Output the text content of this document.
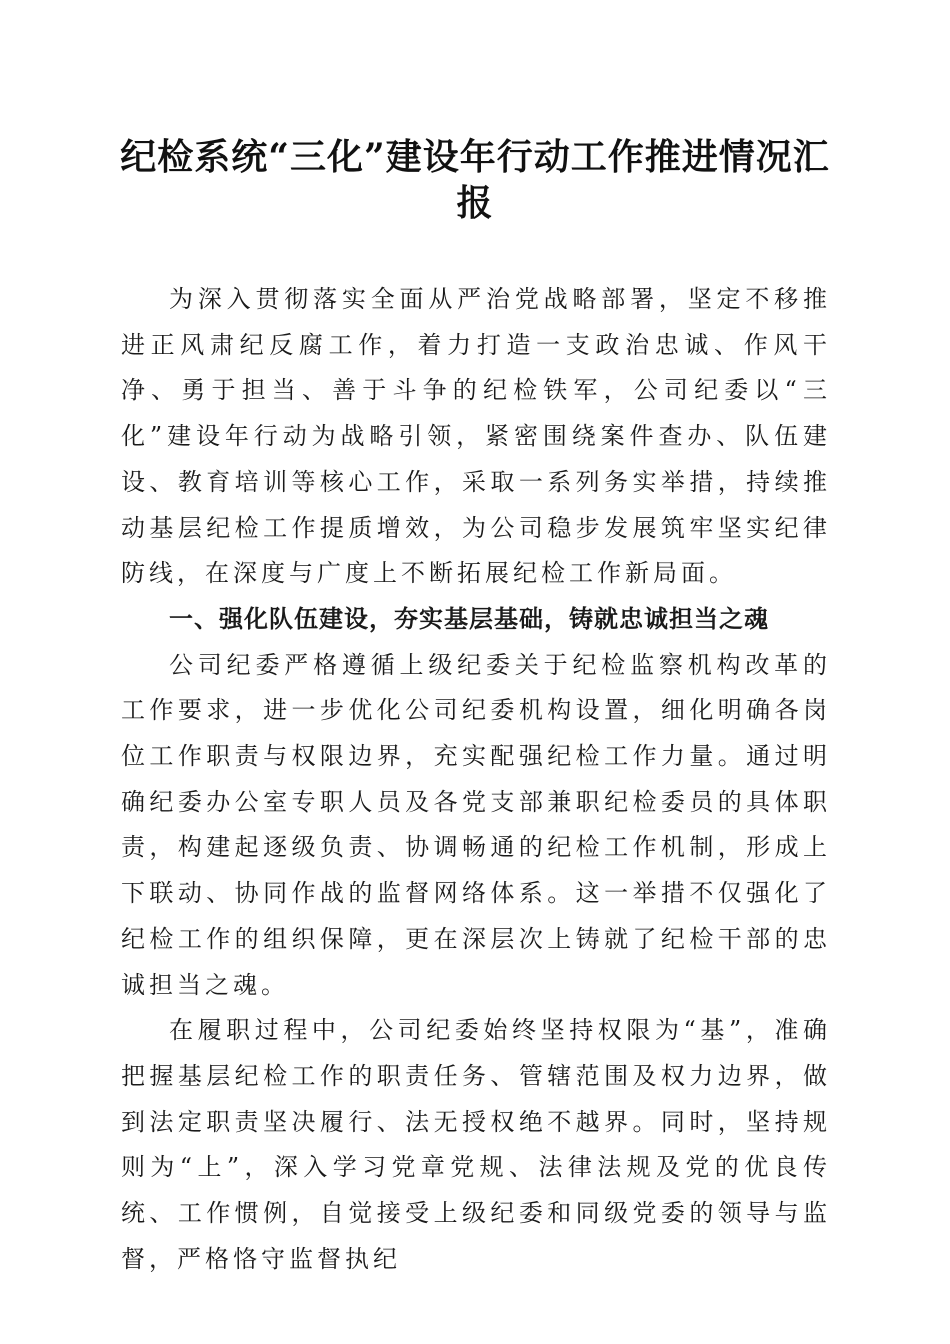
纪检系统“三化”建设年行动工作推进情况汇报

为深入贯彻落实全面从严治党战略部署，坚定不移推进正风肃纪反腐工作，着力打造一支政治忠诚、作风干净、勇于担当、善于斗争的纪检铁军，公司纪委以“三化”建设年行动为战略引领，紧密围绕案件查办、队伍建设、教育培训等核心工作，采取一系列务实举措，持续推动基层纪检工作提质增效，为公司稳步发展筑牢坚实纪律防线，在深度与广度上不断拓展纪检工作新局面。

一、强化队伍建设，夯实基层基础，铸就忠诚担当之魂

公司纪委严格遵循上级纪委关于纪检监察机构改革的工作要求，进一步优化公司纪委机构设置，细化明确各岗位工作职责与权限边界，充实配强纪检工作力量。通过明确纪委办公室专职人员及各党支部兼职纪检委员的具体职责，构建起逐级负责、协调畅通的纪检工作机制，形成上下联动、协同作战的监督网络体系。这一举措不仅强化了纪检工作的组织保障，更在深层次上铸就了纪检干部的忠诚担当之魂。

在履职过程中，公司纪委始终坚持权限为“基”，准确把握基层纪检工作的职责任务、管辖范围及权力边界，做到法定职责坚决履行、法无授权绝不越界。同时，坚持规则为“上”，深入学习党章党规、法律法规及党的优良传统、工作惯例，自觉接受上级纪委和同级党委的领导与监督，严格恪守监督执纪
